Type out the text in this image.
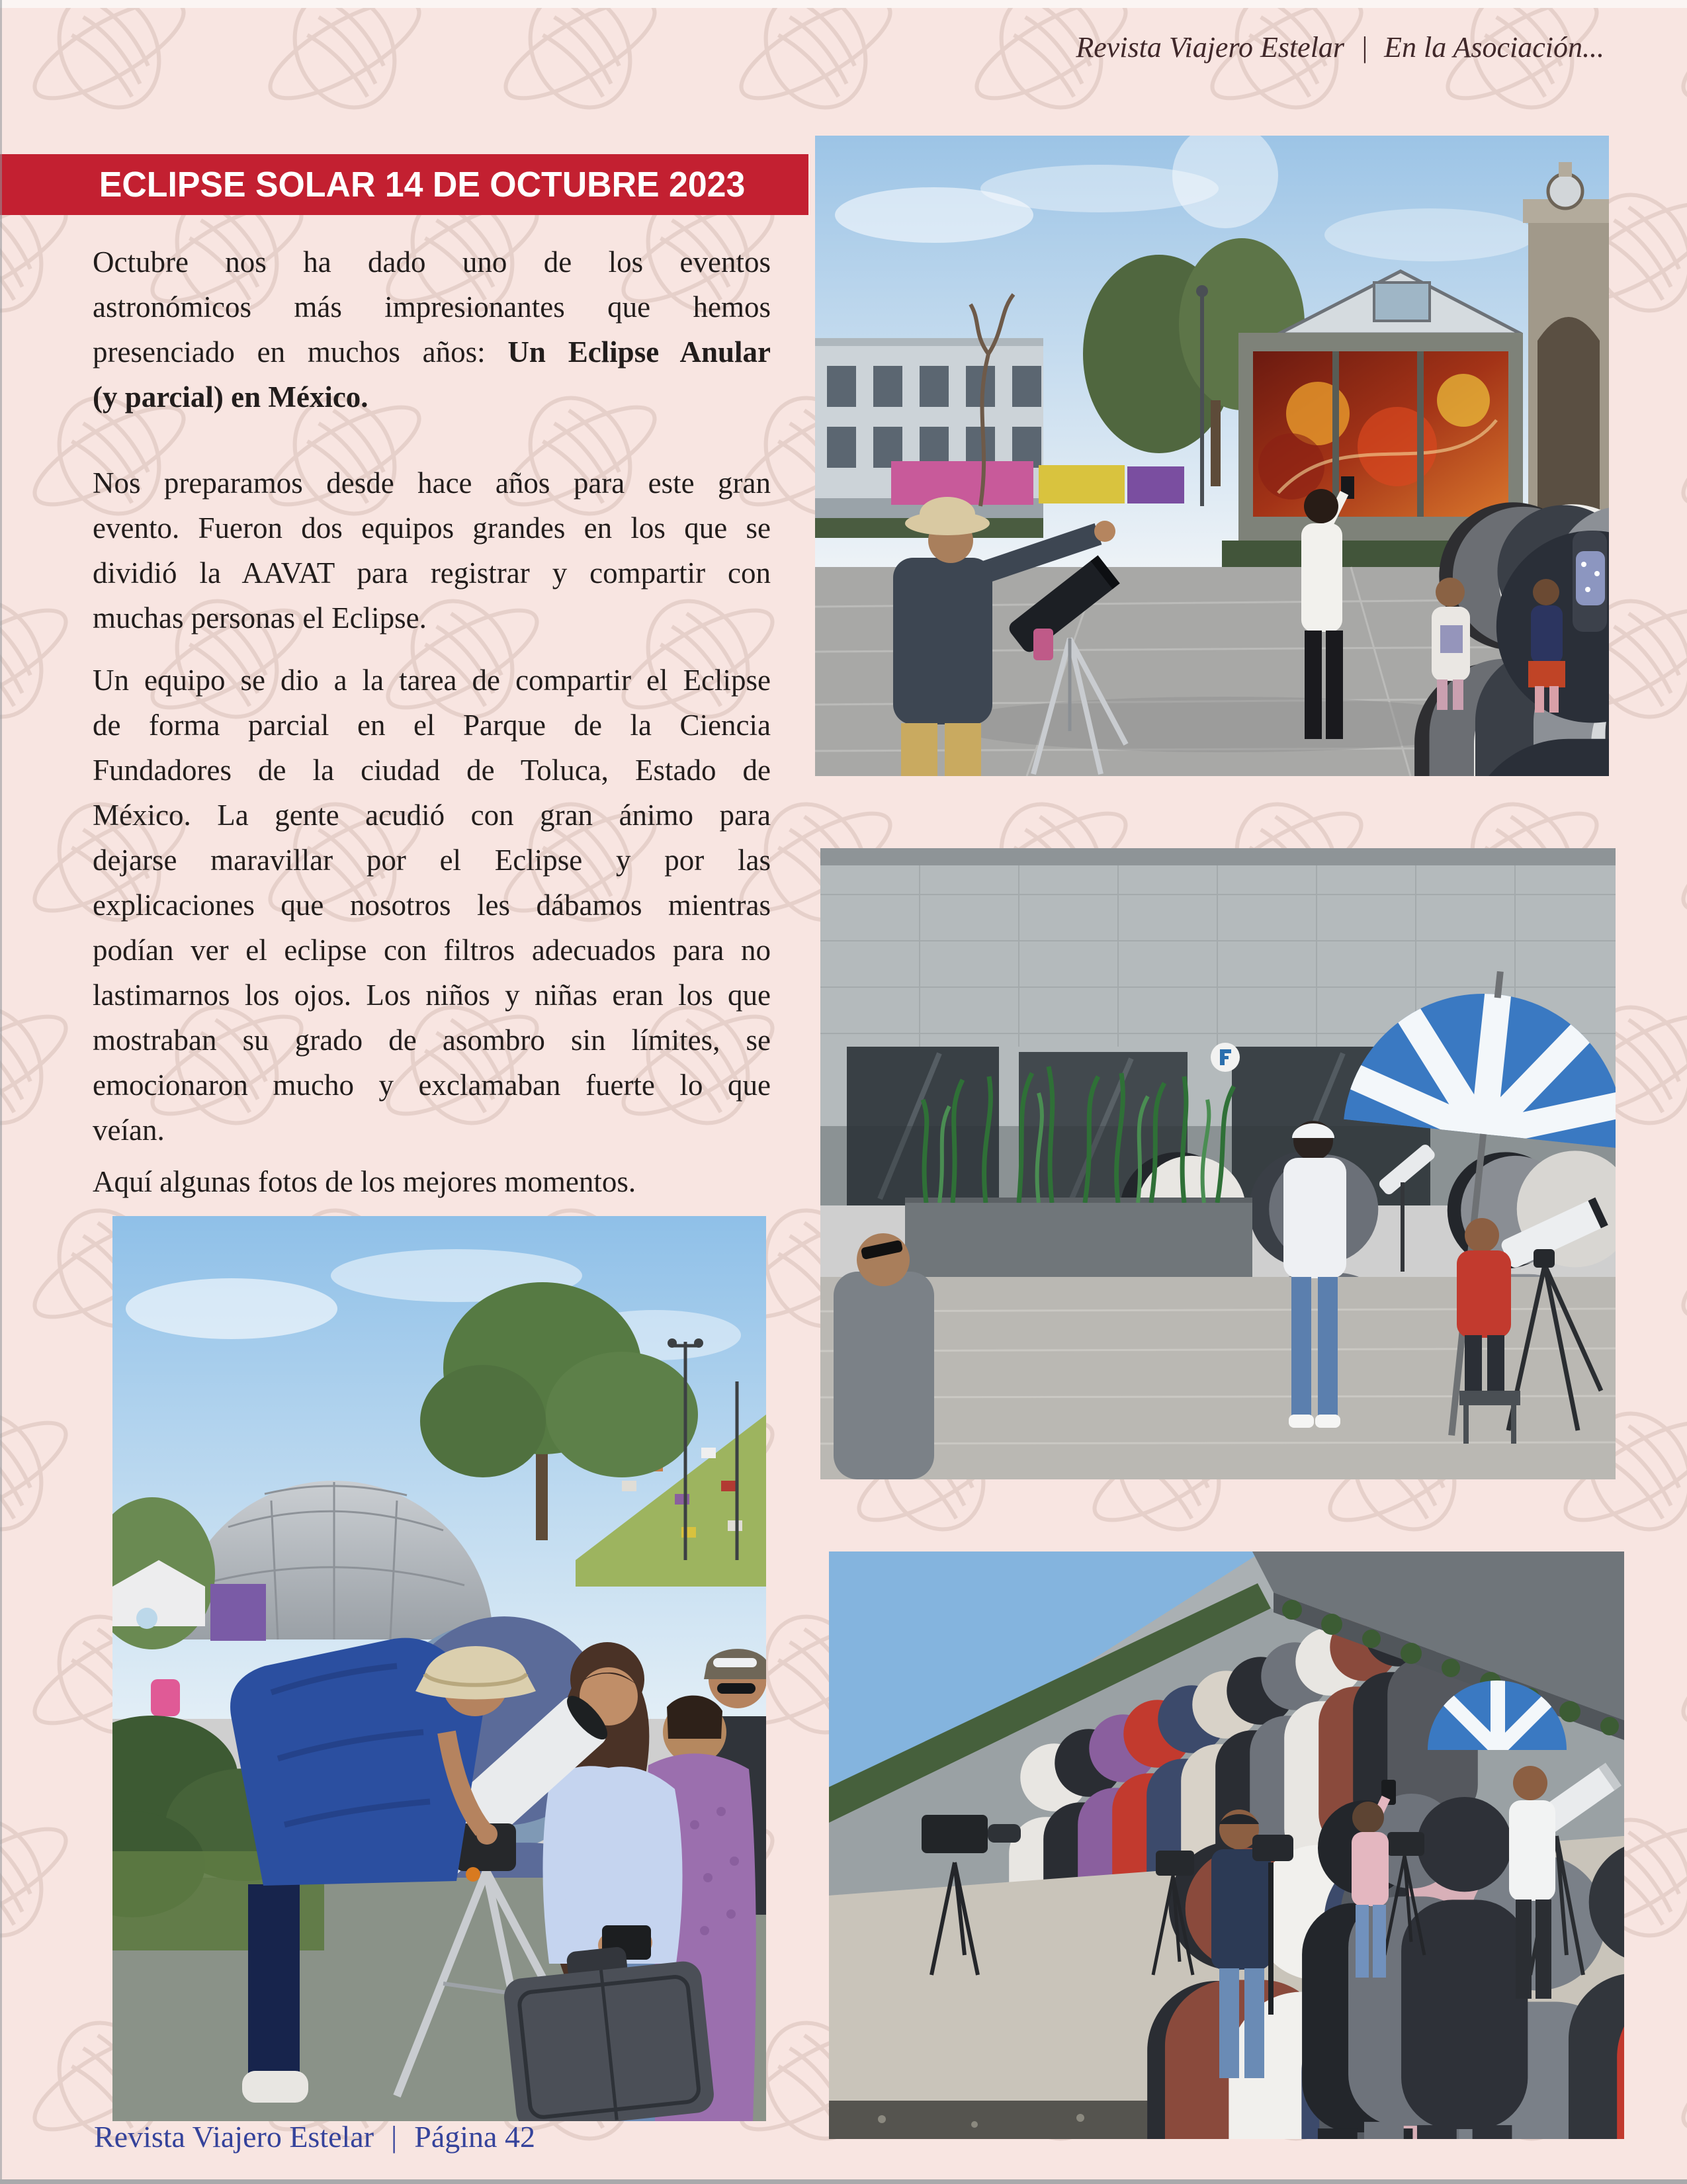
Revista Viajero Estelar | En la Asociación...
ECLIPSE SOLAR 14 DE OCTUBRE 2023
Octubre nos ha dado uno de los eventos
astronómicos más impresionantes que hemos
presenciado en muchos años: Un Eclipse Anular
(y parcial) en México.
Nos preparamos desde hace años para este gran
evento. Fueron dos equipos grandes en los que se
dividió la AAVAT para registrar y compartir con
muchas personas el Eclipse.
Un equipo se dio a la tarea de compartir el Eclipse
de forma parcial en el Parque de la Ciencia
Fundadores de la ciudad de Toluca, Estado de
México. La gente acudió con gran ánimo para
dejarse maravillar por el Eclipse y por las
explicaciones que nosotros les dábamos mientras
podían ver el eclipse con filtros adecuados para no
lastimarnos los ojos. Los niños y niñas eran los que
mostraban su grado de asombro sin límites, se
emocionaron mucho y exclamaban fuerte lo que
veían.
Aquí algunas fotos de los mejores momentos.
Revista Viajero Estelar | Página 42
